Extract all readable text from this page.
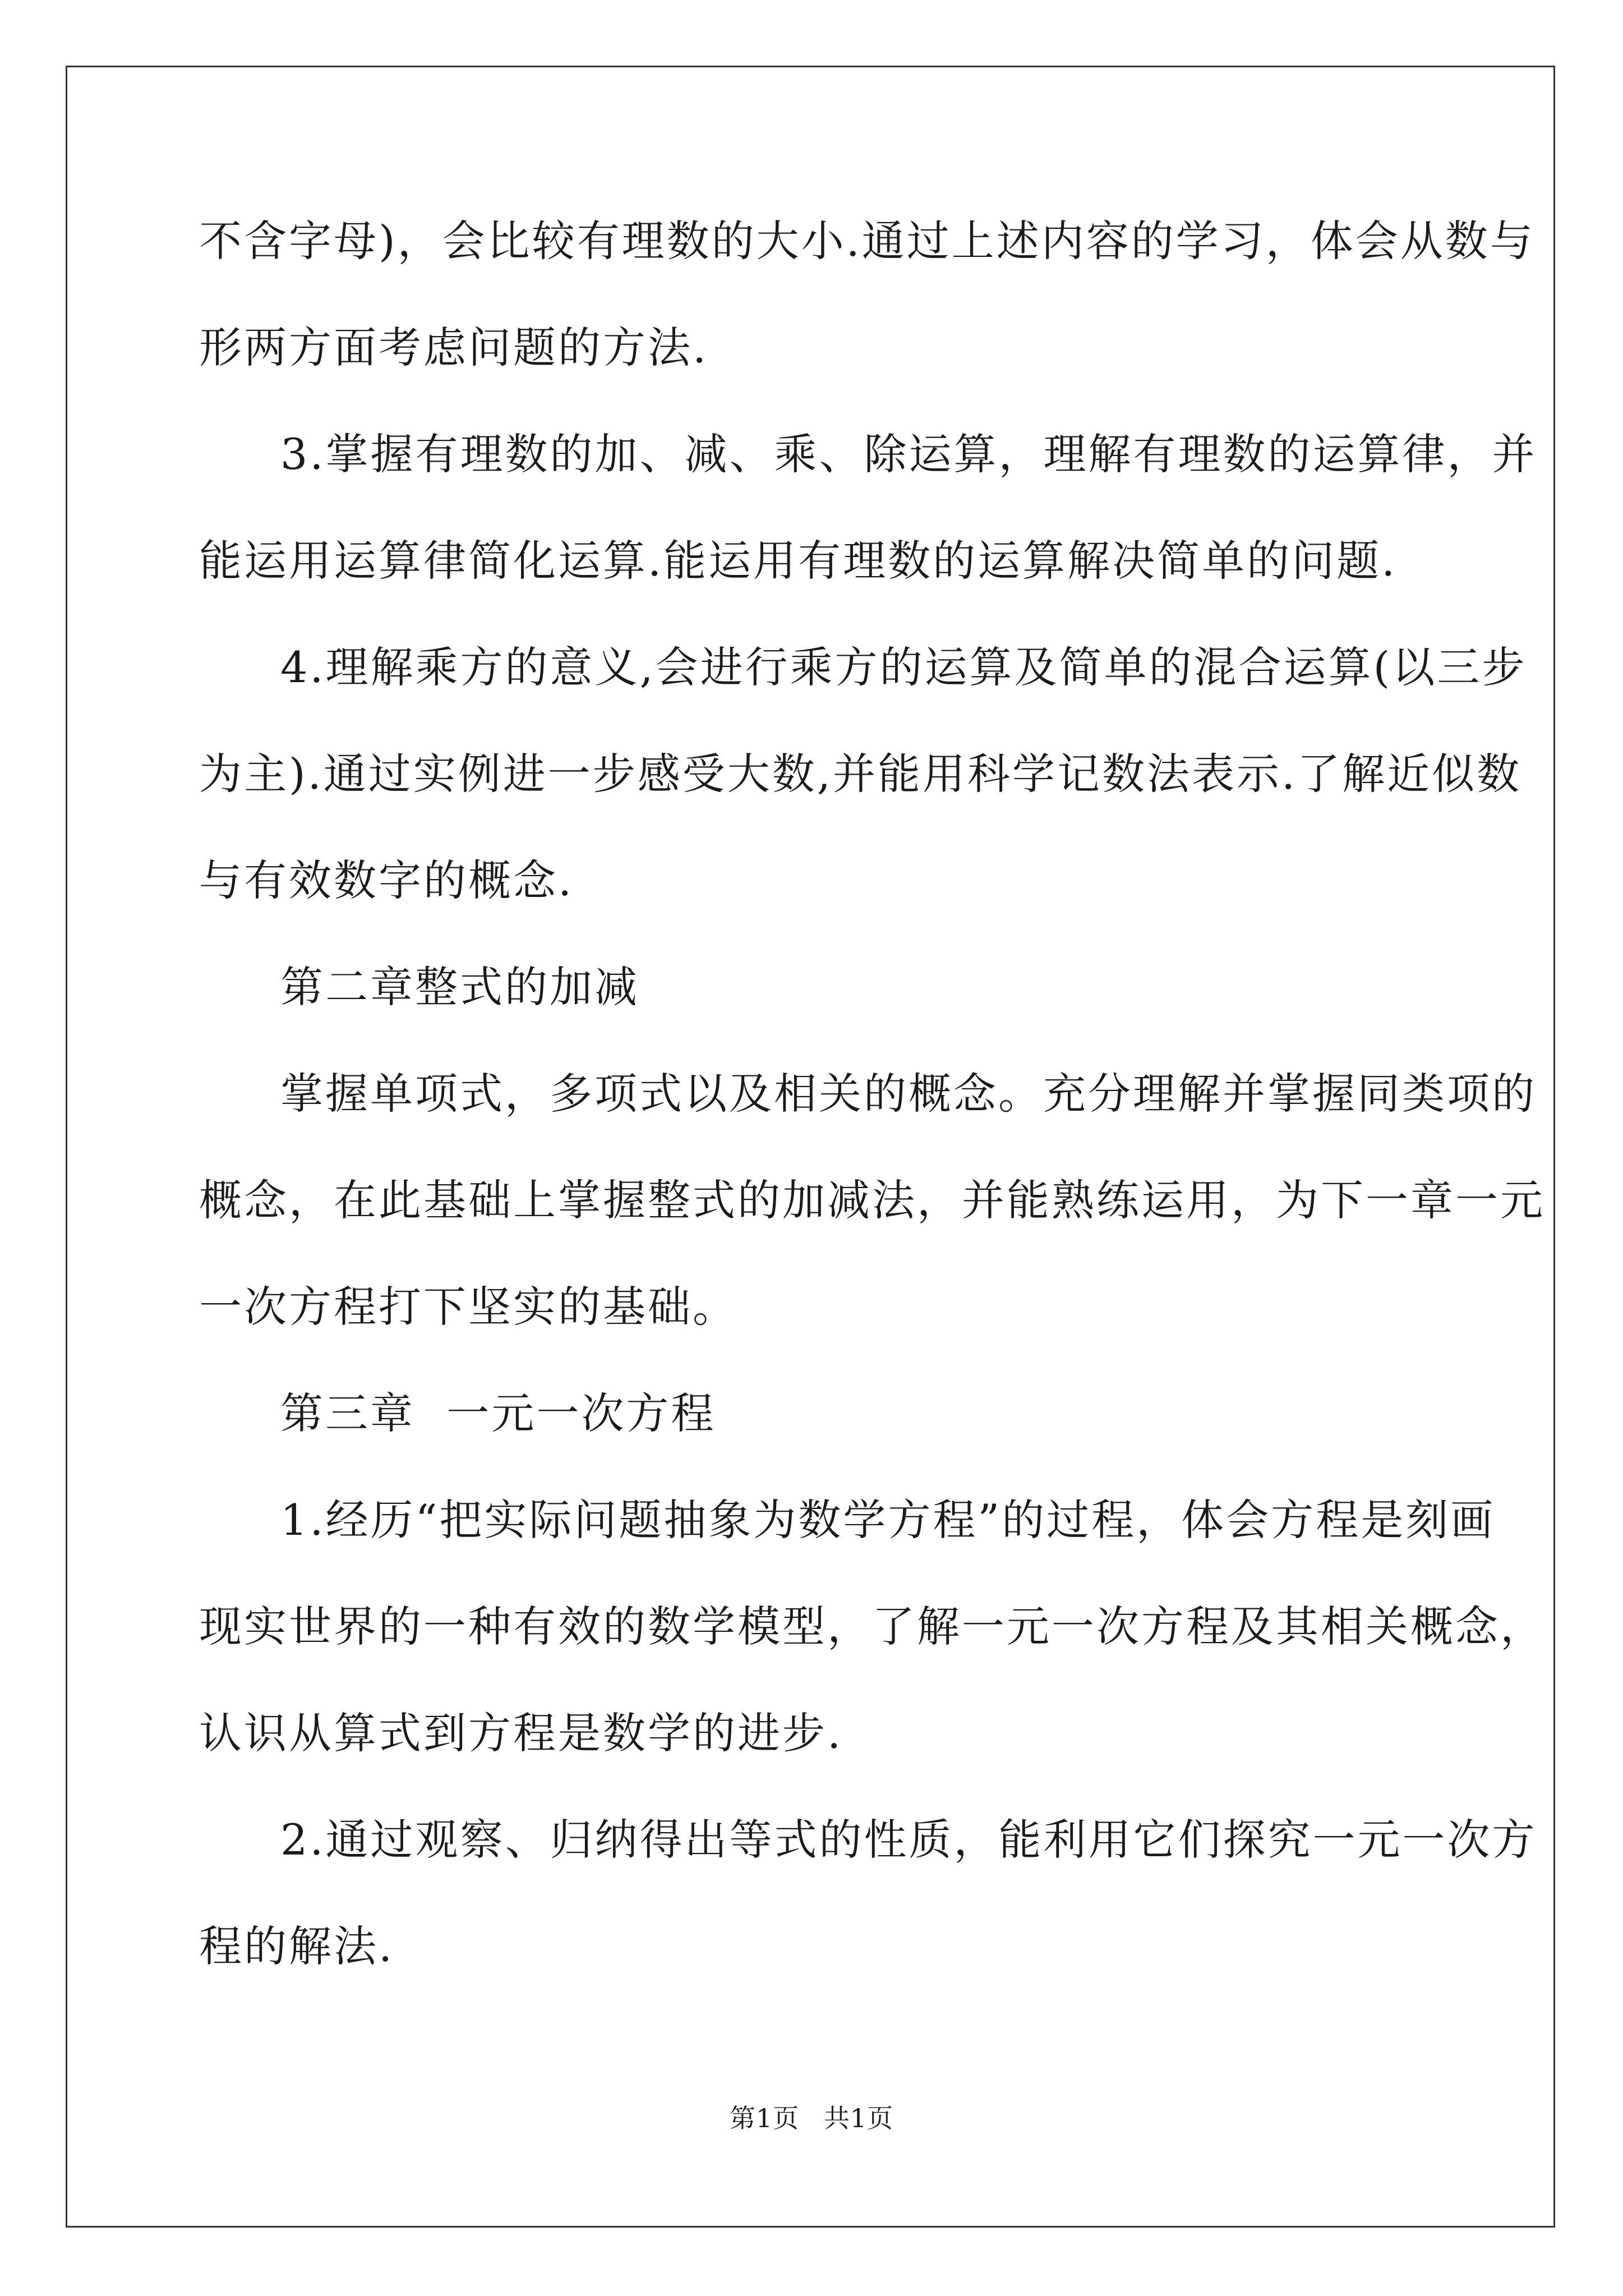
不含字母)，会比较有理数的大小.通过上述内容的学习，体会从数与
形两方面考虑问题的方法.
3.掌握有理数的加、减、乘、除运算，理解有理数的运算律，并
能运用运算律简化运算.能运用有理数的运算解决简单的问题.
4.理解乘方的意义,会进行乘方的运算及简单的混合运算(以三步
为主).通过实例进一步感受大数,并能用科学记数法表示.了解近似数
与有效数字的概念.
第二章整式的加减
掌握单项式，多项式以及相关的概念。充分理解并掌握同类项的
概念，在此基础上掌握整式的加减法，并能熟练运用，为下一章一元
一次方程打下坚实的基础。
第三章  一元一次方程
1.经历“把实际问题抽象为数学方程”的过程，体会方程是刻画
现实世界的一种有效的数学模型，了解一元一次方程及其相关概念，
认识从算式到方程是数学的进步.
2.通过观察、归纳得出等式的性质，能利用它们探究一元一次方
程的解法.
第1页 共1页
